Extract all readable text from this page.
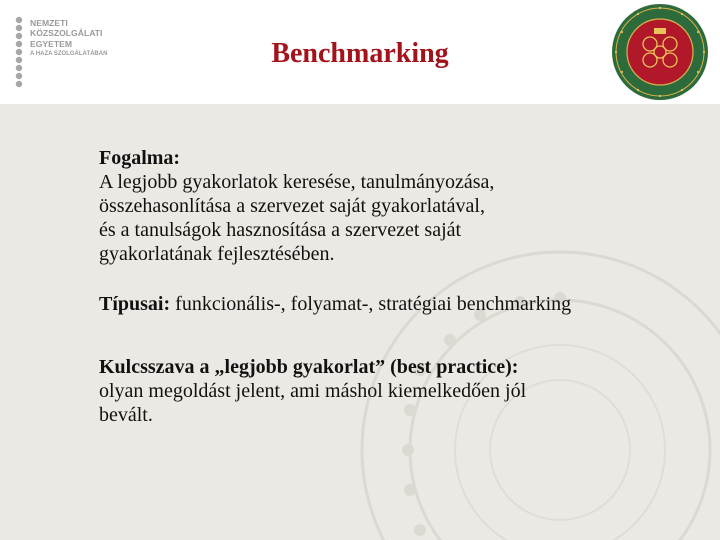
NEMZETI
KÖZSZOLGÁLATI
EGYETEM
A HAZA SZOLGÁLATÁBAN	Benchmarking

Fogalma:
A legjobb gyakorlatok keresése, tanulmányozása,
összehasonlítása a szervezet saját gyakorlatával,
és a tanulságok hasznosítása a szervezet saját
gyakorlatának fejlesztésében.

Típusai: funkcionális-, folyamat-, stratégiai benchmarking

Kulcsszava a „legjobb gyakorlat” (best practice):
olyan megoldást jelent, ami máshol kiemelkedően jól
bevált.
